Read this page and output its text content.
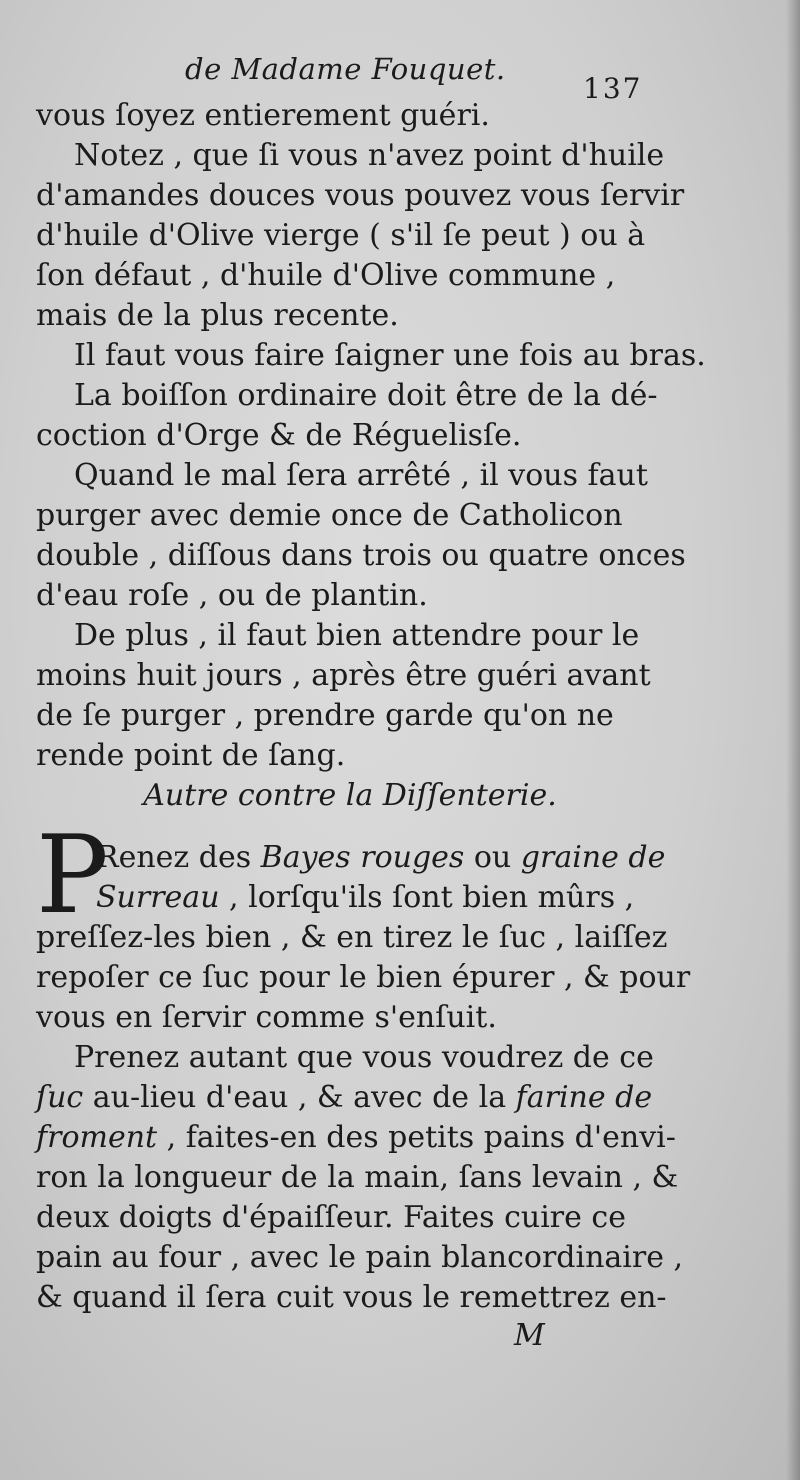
de Madame Fouquet.
137
vous ſoyez entierement guéri.
Notez , que ſi vous n'avez point d'huile
d'amandes douces vous pouvez vous ſervir
d'huile d'Olive vierge ( s'il ſe peut ) ou à
ſon défaut , d'huile d'Olive commune ,
mais de la plus recente.
Il faut vous faire ſaigner une fois au bras.
La boiſſon ordinaire doit être de la dé-
coction d'Orge & de Réguelisſe.
Quand le mal ſera arrêté , il vous faut
purger avec demie once de Catholicon
double , diſſous dans trois ou quatre onces
d'eau roſe , ou de plantin.
De plus , il faut bien attendre pour le
moins huit jours , après être guéri avant
de ſe purger , prendre garde qu'on ne
rende point de ſang.
Autre contre la Diſſenterie.
P
Renez des Bayes rouges ou graine de
Surreau , lorſqu'ils ſont bien mûrs ,
preſſez-les bien , & en tirez le ſuc , laiſſez
repoſer ce ſuc pour le bien épurer , & pour
vous en ſervir comme s'enſuit.
Prenez autant que vous voudrez de ce
ſuc au-lieu d'eau , & avec de la farine de
froment , faites-en des petits pains d'envi-
ron la longueur de la main, ſans levain , &
deux doigts d'épaiſſeur. Faites cuire ce
pain au four , avec le pain blancordinaire ,
& quand il ſera cuit vous le remettrez en-
M
